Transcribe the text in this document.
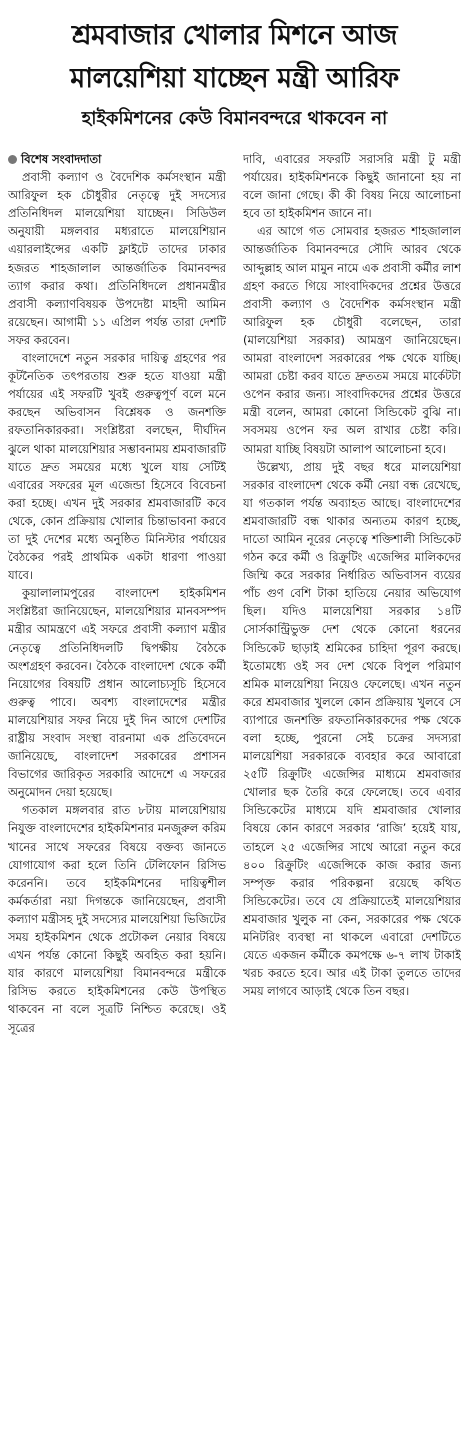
শ্রমবাজার খোলার মিশনে আজ
মালয়েশিয়া যাচ্ছেন মন্ত্রী আরিফ
হাইকমিশনের কেউ বিমানবন্দরে থাকবেন না

বিশেষ সংবাদদাতা

প্রবাসী কল্যাণ ও বৈদেশিক কর্মসংস্থান মন্ত্রী আরিফুল হক চৌধুরীর নেতৃত্বে দুই সদস্যের প্রতিনিধিদল মালয়েশিয়া যাচ্ছেন। সিডিউল অনুযায়ী মঙ্গলবার মধ্যরাতে মালয়েশিয়ান এয়ারলাইন্সের একটি ফ্লাইটে তাদের ঢাকার হজরত শাহজালাল আন্তর্জাতিক বিমানবন্দর ত্যাগ করার কথা। প্রতিনিধিদলে প্রধানমন্ত্রীর প্রবাসী কল্যাণবিষয়ক উপদেষ্টা মাহদী আমিন রয়েছেন। আগামী ১১ এপ্রিল পর্যন্ত তারা দেশটি সফর করবেন।

বাংলাদেশে নতুন সরকার দায়িত্ব গ্রহণের পর কূটনৈতিক তৎপরতায় শুরু হতে যাওয়া মন্ত্রী পর্যায়ের এই সফরটি খুবই গুরুত্বপূর্ণ বলে মনে করছেন অভিবাসন বিশ্লেষক ও জনশক্তি রফতানিকারকরা। সংশ্লিষ্টরা বলছেন, দীর্ঘদিন ঝুলে থাকা মালয়েশিয়ার সম্ভাবনাময় শ্রমবাজারটি যাতে দ্রুত সময়ের মধ্যে খুলে যায় সেটিই এবারের সফরের মূল এজেন্ডা হিসেবে বিবেচনা করা হচ্ছে। এখন দুই সরকার শ্রমবাজারটি কবে থেকে, কোন প্রক্রিয়ায় খোলার চিন্তাভাবনা করবে তা দুই দেশের মধ্যে অনুষ্ঠিত মিনিস্টার পর্যায়ের বৈঠকের পরই প্রাথমিক একটা ধারণা পাওয়া যাবে।

কুয়ালালামপুরের বাংলাদেশ হাইকমিশন সংশ্লিষ্টরা জানিয়েছেন, মালয়েশিয়ার মানবসম্পদ মন্ত্রীর আমন্ত্রণে এই সফরে প্রবাসী কল্যাণ মন্ত্রীর নেতৃত্বে প্রতিনিধিদলটি দ্বিপক্ষীয় বৈঠকে অংশগ্রহণ করবেন। বৈঠকে বাংলাদেশ থেকে কর্মী নিয়োগের বিষয়টি প্রধান আলোচ্যসূচি হিসেবে গুরুত্ব পাবে। অবশ্য বাংলাদেশের মন্ত্রীর মালয়েশিয়ার সফর নিয়ে দুই দিন আগে দেশটির রাষ্ট্রীয় সংবাদ সংস্থা বারনামা এক প্রতিবেদনে জানিয়েছে, বাংলাদেশ সরকারের প্রশাসন বিভাগের জারিকৃত সরকারি আদেশে এ সফরের অনুমোদন দেয়া হয়েছে।

গতকাল মঙ্গলবার রাত ৮টায় মালয়েশিয়ায় নিযুক্ত বাংলাদেশের হাইকমিশনার মনজুরুল করিম খানের সাথে সফরের বিষয়ে বক্তব্য জানতে যোগাযোগ করা হলে তিনি টেলিফোন রিসিভ করেননি। তবে হাইকমিশনের দায়িত্বশীল কর্মকর্তারা নয়া দিগন্তকে জানিয়েছেন, প্রবাসী কল্যাণ মন্ত্রীসহ দুই সদস্যের মালয়েশিয়া ভিজিটের সময় হাইকমিশন থেকে প্রটোকল নেয়ার বিষয়ে এখন পর্যন্ত কোনো কিছুই অবহিত করা হয়নি। যার কারণে মালয়েশিয়া বিমানবন্দরে মন্ত্রীকে রিসিভ করতে হাইকমিশনের কেউ উপস্থিত থাকবেন না বলে সূত্রটি নিশ্চিত করেছে। ওই সূত্রের

দাবি, এবারের সফরটি সরাসরি মন্ত্রী টু মন্ত্রী পর্যায়ের। হাইকমিশনকে কিছুই জানানো হয় না বলে জানা গেছে। কী কী বিষয় নিয়ে আলোচনা হবে তা হাইকমিশন জানে না।

এর আগে গত সোমবার হজরত শাহজালাল আন্তর্জাতিক বিমানবন্দরে সৌদি আরব থেকে আব্দুল্লাহ আল মামুন নামে এক প্রবাসী কর্মীর লাশ গ্রহণ করতে গিয়ে সাংবাদিকদের প্রশ্নের উত্তরে প্রবাসী কল্যাণ ও বৈদেশিক কর্মসংস্থান মন্ত্রী আরিফুল হক চৌধুরী বলেছেন, তারা (মালয়েশিয়া সরকার) আমন্ত্রণ জানিয়েছেন। আমরা বাংলাদেশ সরকারের পক্ষ থেকে যাচ্ছি। আমরা চেষ্টা করব যাতে দ্রুততম সময়ে মার্কেটটা ওপেন করার জন্য। সাংবাদিকদের প্রশ্নের উত্তরে মন্ত্রী বলেন, আমরা কোনো সিন্ডিকেট বুঝি না। সবসময় ওপেন ফর অল রাখার চেষ্টা করি। আমরা যাচ্ছি বিষয়টা আলাপ আলোচনা হবে।

উল্লেখ্য, প্রায় দুই বছর ধরে মালয়েশিয়া সরকার বাংলাদেশ থেকে কর্মী নেয়া বন্ধ রেখেছে, যা গতকাল পর্যন্ত অব্যাহত আছে। বাংলাদেশের শ্রমবাজারটি বন্ধ থাকার অন্যতম কারণ হচ্ছে, দাতো আমিন নূরের নেতৃত্বে শক্তিশালী সিন্ডিকেট গঠন করে কর্মী ও রিক্রুটিং এজেন্সির মালিকদের জিম্মি করে সরকার নির্ধারিত অভিবাসন ব্যয়ের পাঁচ গুণ বেশি টাকা হাতিয়ে নেয়ার অভিযোগ ছিল। যদিও মালয়েশিয়া সরকার ১৪টি সোর্সকান্ট্রিভুক্ত দেশ থেকে কোনো ধরনের সিন্ডিকেট ছাড়াই শ্রমিকের চাহিদা পূরণ করছে। ইতোমধ্যে ওই সব দেশ থেকে বিপুল পরিমাণ শ্রমিক মালয়েশিয়া নিয়েও ফেলেছে। এখন নতুন করে শ্রমবাজার খুললে কোন প্রক্রিয়ায় খুলবে সে ব্যাপারে জনশক্তি রফতানিকারকদের পক্ষ থেকে বলা হচ্ছে, পুরনো সেই চক্রের সদস্যরা মালয়েশিয়া সরকারকে ব্যবহার করে আবারো ২৫টি রিক্রুটিং এজেন্সির মাধ্যমে শ্রমবাজার খোলার ছক তৈরি করে ফেলেছে। তবে এবার সিন্ডিকেটের মাধ্যমে যদি শ্রমবাজার খোলার বিষয়ে কোন কারণে সরকার ‘রাজি’ হয়েই যায়, তাহলে ২৫ এজেন্সির সাথে আরো নতুন করে ৪০০ রিক্রুটিং এজেন্সিকে কাজ করার জন্য সম্পৃক্ত করার পরিকল্পনা রয়েছে কথিত সিন্ডিকেটের। তবে যে প্রক্রিয়াতেই মালয়েশিয়ার শ্রমবাজার খুলুক না কেন, সরকারের পক্ষ থেকে মনিটরিং ব্যবস্থা না থাকলে এবারো দেশটিতে যেতে একজন কর্মীকে কমপক্ষে ৬-৭ লাখ টাকাই খরচ করতে হবে। আর এই টাকা তুলতে তাদের সময় লাগবে আড়াই থেকে তিন বছর।
